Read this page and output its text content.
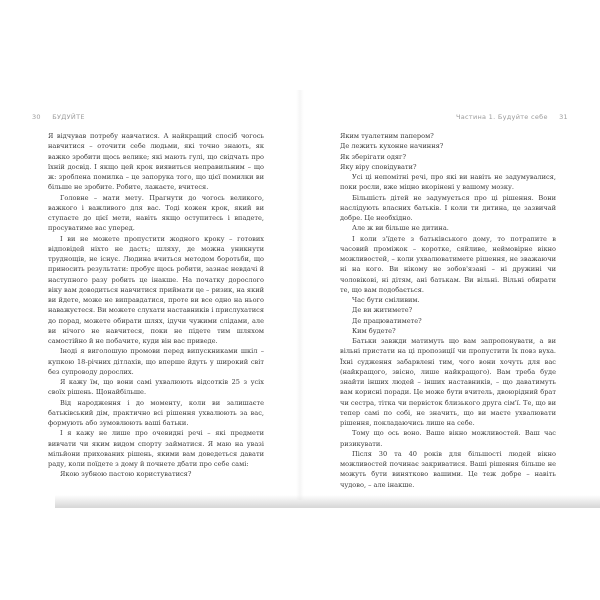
30 БУДУЙТЕ

Я відчував потребу навчатися. А найкращий спосіб чогось навчитися – оточити себе людьми, які точно знають, як важко зробити щось велике; які мають гулі, що свідчать про їхній досвід. І якщо цей крок виявиться неправильним – що ж: зроблена помилка – це запорука того, що цієї помилки ви більше не зробите. Робите, лажаєте, вчитеся.

Головне – мати мету. Прагнути до чогось великого, важкого і важливого для вас. Тоді кожен крок, який ви ступаєте до цієї мети, навіть якщо оступитесь і впадете, просуватиме вас уперед.

І ви не можете пропустити жодного кроку – готових відповідей ніхто не дасть; шляху, де можна уникнути труднощів, не існує. Людина вчиться методом боротьби, що приносить результати: пробує щось робити, зазнає невдачі й наступного разу робить це інакше. На початку дорослого віку вам доводиться навчитися приймати це – ризик, на який ви йдете, може не виправдатися, проте ви все одно на нього наважуєтеся. Ви можете слухати наставників і прислухатися до порад, можете обирати шлях, ідучи чужими слідами, але ви нічого не навчитеся, поки не підете тим шляхом самостійно й не побачите, куди він вас приведе.

Іноді я виголошую промови перед випускниками шкіл – купкою 18-річних дітлахів, що вперше йдуть у широкий світ без супроводу дорослих.

Я кажу їм, що вони самі ухвалюють відсотків 25 з усіх своїх рішень. Щонайбільше.

Від народження і до моменту, коли ви залишаєте батьківський дім, практично всі рішення ухвалюють за вас, формують або зумовлюють ваші батьки.

І я кажу не лише про очевидні речі – які предмети вивчати чи яким видом спорту займатися. Я маю на увазі мільйони прихованих рішень, якими вам доведеться давати раду, коли поїдете з дому й почнете дбати про себе самі:

Якою зубною пастою користуватися?

Частина 1. Будуйте себе 31

Яким туалетним папером?

Де лежить кухонне начиння?

Як зберігати одяг?

Яку віру сповідувати?

Усі ці непомітні речі, про які ви навіть не задумувалися, поки росли, вже міцно вкорінені у вашому мозку.

Більшість дітей не задумується про ці рішення. Вони наслідують власних батьків. І коли ти дитина, це зазвичай добре. Це необхідно.

Але ж ви більше не дитина.

І коли з'їдете з батьківського дому, то потрапите в часовий проміжок – коротке, сяйливе, неймовірне вікно можливостей, – коли ухвалюватимете рішення, не зважаючи ні на кого. Ви нікому не зобов'язані – ні дружині чи чоловікові, ні дітям, ані батькам. Ви вільні. Вільні обирати те, що вам подобається.

Час бути сміливим.

Де ви житимете?

Де працюватимете?

Ким будете?

Батьки завжди матимуть що вам запропонувати, а ви вільні пристати на ці пропозиції чи пропустити їх повз вуха. Їхні судження забарвлені тим, чого вони хочуть для вас (найкращого, звісно, лише найкращого). Вам треба буде знайти інших людей – інших наставників, – що даватимуть вам корисні поради. Це може бути вчитель, двоюрідний брат чи сестра, тітка чи первісток близького друга сім'ї. Те, що ви тепер самі по собі, не значить, що ви маєте ухвалювати рішення, покладаючись лише на себе.

Тому що ось воно. Ваше вікно можливостей. Ваш час ризикувати.

Після 30 та 40 років для більшості людей вікно можливостей починає закриватися. Ваші рішення більше не можуть бути винятково вашими. Це теж добре – навіть чудово, – але інакше.
